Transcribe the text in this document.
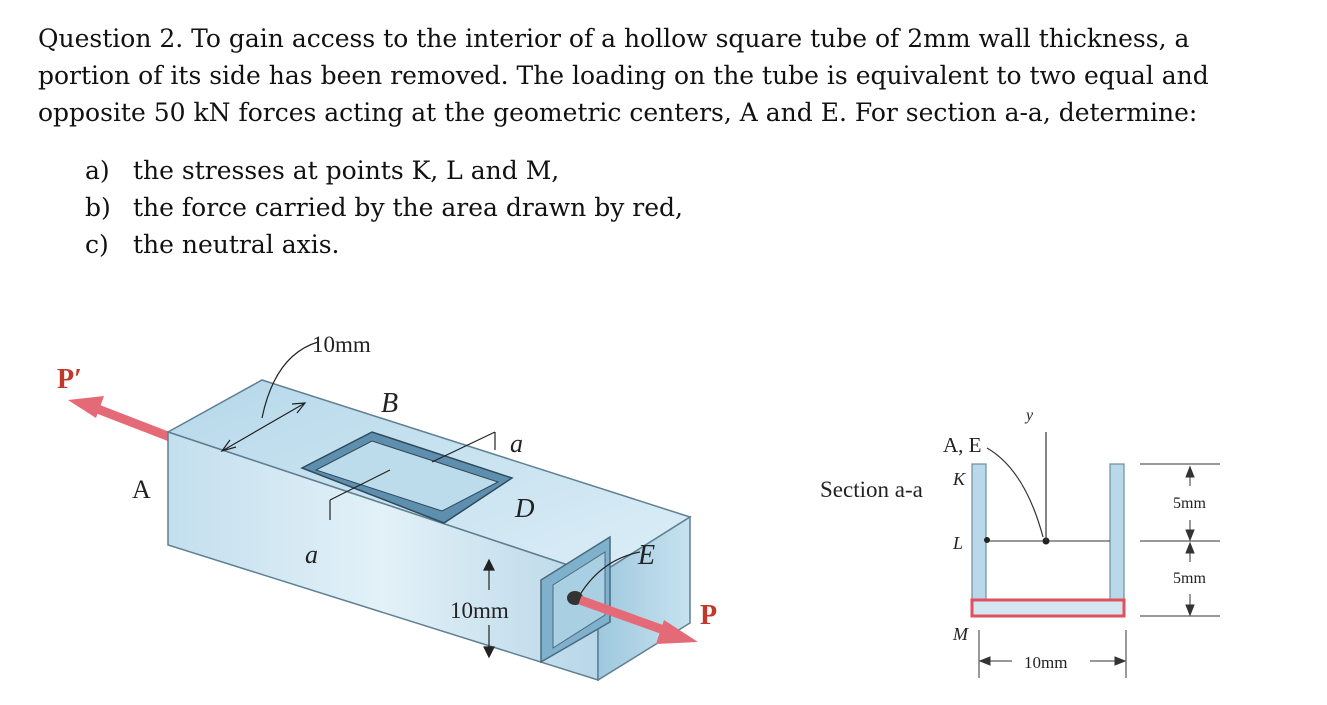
Question 2. To gain access to the interior of a hollow square tube of 2mm wall thickness, a

portion of its side has been removed. The loading on the tube is equivalent to two equal and

opposite 50 kN forces acting at the geometric centers, A and E. For section a-a, determine:

a) the stresses at points K, L and M,
b) the force carried by the area drawn by red,
c) the neutral axis.
P′
A
10mm
B
a
D
a	E
10mm	P
Section a-a
A, E
y
K
L
M
5mm
5mm
10mm
